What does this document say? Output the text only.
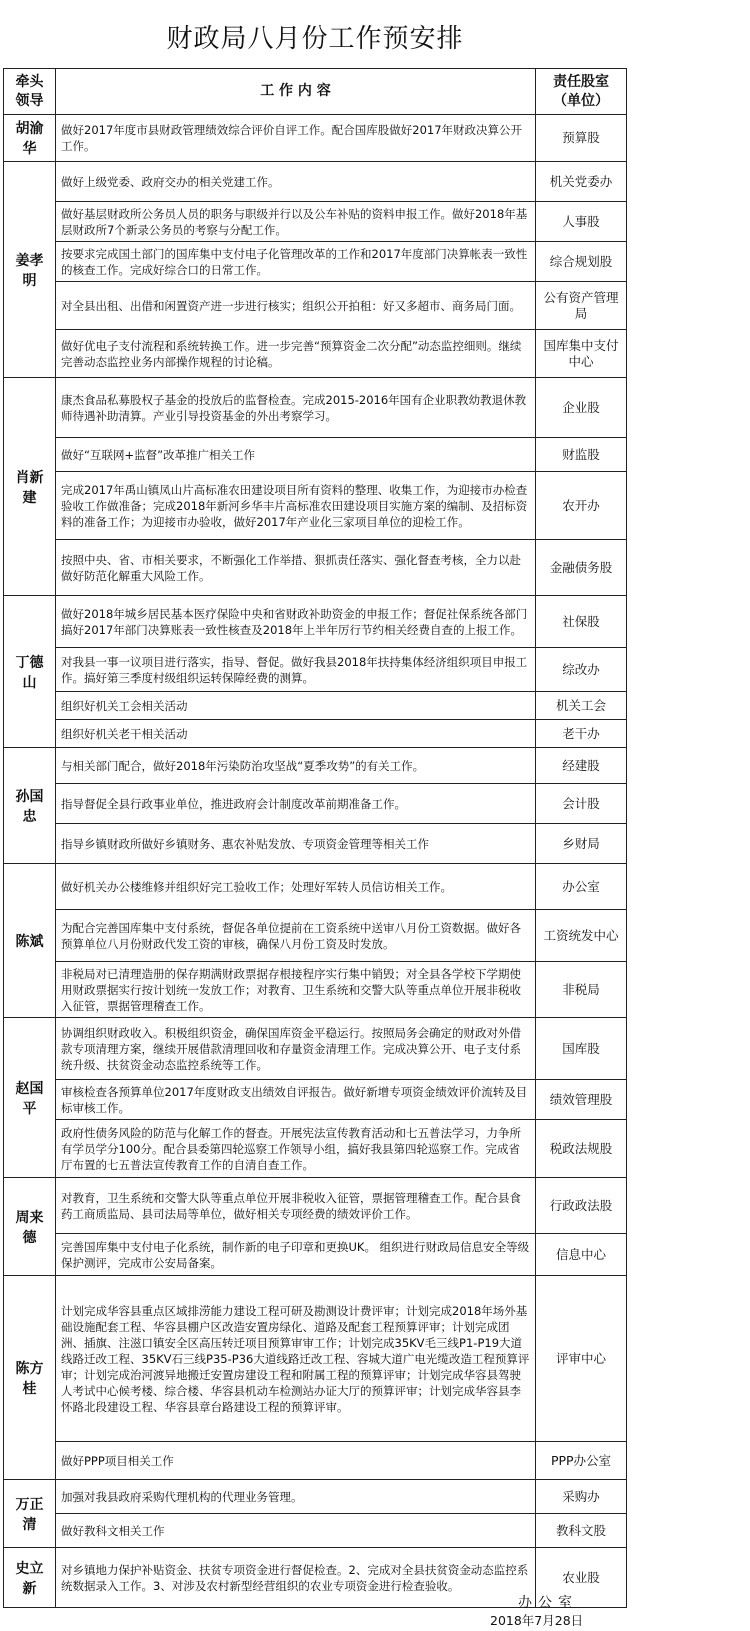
财政局八月份工作预安排
牵头
领导	工 作 内 容	责任股室
（单位）
胡渝华	做好2017年度市县财政管理绩效综合评价自评工作。配合国库股做好2017年财政决算公开工作。	预算股
姜孝明	做好上级党委、政府交办的相关党建工作。	机关党委办
	做好基层财政所公务员人员的职务与职级并行以及公车补贴的资料申报工作。做好2018年基层财政所7个新录公务员的考察与分配工作。	人事股
	按要求完成国土部门的国库集中支付电子化管理改革的工作和2017年度部门决算帐表一致性的核查工作。完成好综合口的日常工作。	综合规划股
	对全县出租、出借和闲置资产进一步进行核实；组织公开拍租：好又多超市、商务局门面。	公有资产管理局
	做好优电子支付流程和系统转换工作。进一步完善“预算资金二次分配”动态监控细则。继续完善动态监控业务内部操作规程的讨论稿。	国库集中支付中心
肖新建	康杰食品私募股权子基金的投放后的监督检查。完成2015-2016年国有企业职教幼教退休教师待遇补助清算。产业引导投资基金的外出考察学习。	企业股
	做好“互联网+监督”改革推广相关工作	财监股
	完成2017年禹山镇凤山片高标准农田建设项目所有资料的整理、收集工作，为迎接市办检查验收工作做准备；完成2018年新河乡华丰片高标准农田建设项目实施方案的编制、及招标资料的准备工作；为迎接市办验收，做好2017年产业化三家项目单位的迎检工作。	农开办
	按照中央、省、市相关要求，不断强化工作举措、狠抓责任落实、强化督查考核，全力以赴做好防范化解重大风险工作。	金融债务股
丁德山	做好2018年城乡居民基本医疗保险中央和省财政补助资金的申报工作；督促社保系统各部门搞好2017年部门决算账表一致性核查及2018年上半年厉行节约相关经费自查的上报工作。	社保股
	对我县一事一议项目进行落实，指导、督促。做好我县2018年扶持集体经济组织项目申报工作。搞好第三季度村级组织运转保障经费的测算。	综改办
	组织好机关工会相关活动	机关工会
	组织好机关老干相关活动	老干办
孙国忠	与相关部门配合，做好2018年污染防治攻坚战“夏季攻势”的有关工作。	经建股
	指导督促全县行政事业单位，推进政府会计制度改革前期准备工作。	会计股
	指导乡镇财政所做好乡镇财务、惠农补贴发放、专项资金管理等相关工作	乡财局
陈斌	做好机关办公楼维修并组织好完工验收工作；处理好军转人员信访相关工作。	办公室
	为配合完善国库集中支付系统，督促各单位提前在工资系统中送审八月份工资数据。做好各预算单位八月份财政代发工资的审核，确保八月份工资及时发放。	工资统发中心
	非税局对已清理造册的保存期满财政票据存根接程序实行集中销毁；对全县各学校下学期使用财政票据实行按计划统一发放工作；对教育、卫生系统和交警大队等重点单位开展非税收入征管，票据管理稽查工作。	非税局
赵国平	协调组织财政收入。积极组织资金，确保国库资金平稳运行。按照局务会确定的财政对外借款专项清理方案，继续开展借款清理回收和存量资金清理工作。完成决算公开、电子支付系统升级、扶贫资金动态监控系统等工作。	国库股
	审核检查各预算单位2017年度财政支出绩效自评报告。做好新增专项资金绩效评价流转及目标审核工作。	绩效管理股
	政府性债务风险的防范与化解工作的督查。开展宪法宣传教育活动和七五普法学习，力争所有学员学分100分。配合县委第四轮巡察工作领导小组，搞好我县第四轮巡察工作。完成省厅布置的七五普法宣传教育工作的自清自查工作。	税政法规股
周来德	对教育，卫生系统和交警大队等重点单位开展非税收入征管，票据管理稽查工作。配合县食药工商质监局、县司法局等单位，做好相关专项经费的绩效评价工作。	行政政法股
	完善国库集中支付电子化系统，制作新的电子印章和更换UK。 组织进行财政局信息安全等级保护测评，完成市公安局备案。	信息中心
陈方桂	计划完成华容县重点区域排涝能力建设工程可研及勘测设计费评审；计划完成2018年场外基础设施配套工程、华容县棚户区改造安置房绿化、道路及配套工程预算评审；计划完成团洲、插旗、注滋口镇安全区高压转迁项目预算审审工作；计划完成35KV毛三线P1-P19大道线路迁改工程、35KV石三线P35-P36大道线路迁改工程、容城大道广电光缆改造工程预算评审；计划完成治河渡异地搬迁安置房建设工程和附属工程的预算评审；计划完成华容县驾驶人考试中心候考楼、综合楼、华容县机动车检测站办证大厅的预算评审；计划完成华容县李怀路北段建设工程、华容县章台路建设工程的预算评审。	评审中心
	做好PPP项目相关工作	PPP办公室
万正清	加强对我县政府采购代理机构的代理业务管理。	采购办
	做好教科文相关工作	教科文股
史立新	对乡镇地力保护补贴资金、扶贫专项资金进行督促检查。2、完成对全县扶贫资金动态监控系统数据录入工作。3、对涉及农村新型经营组织的农业专项资金进行检查验收。	农业股
办公室
2018年7月28日
